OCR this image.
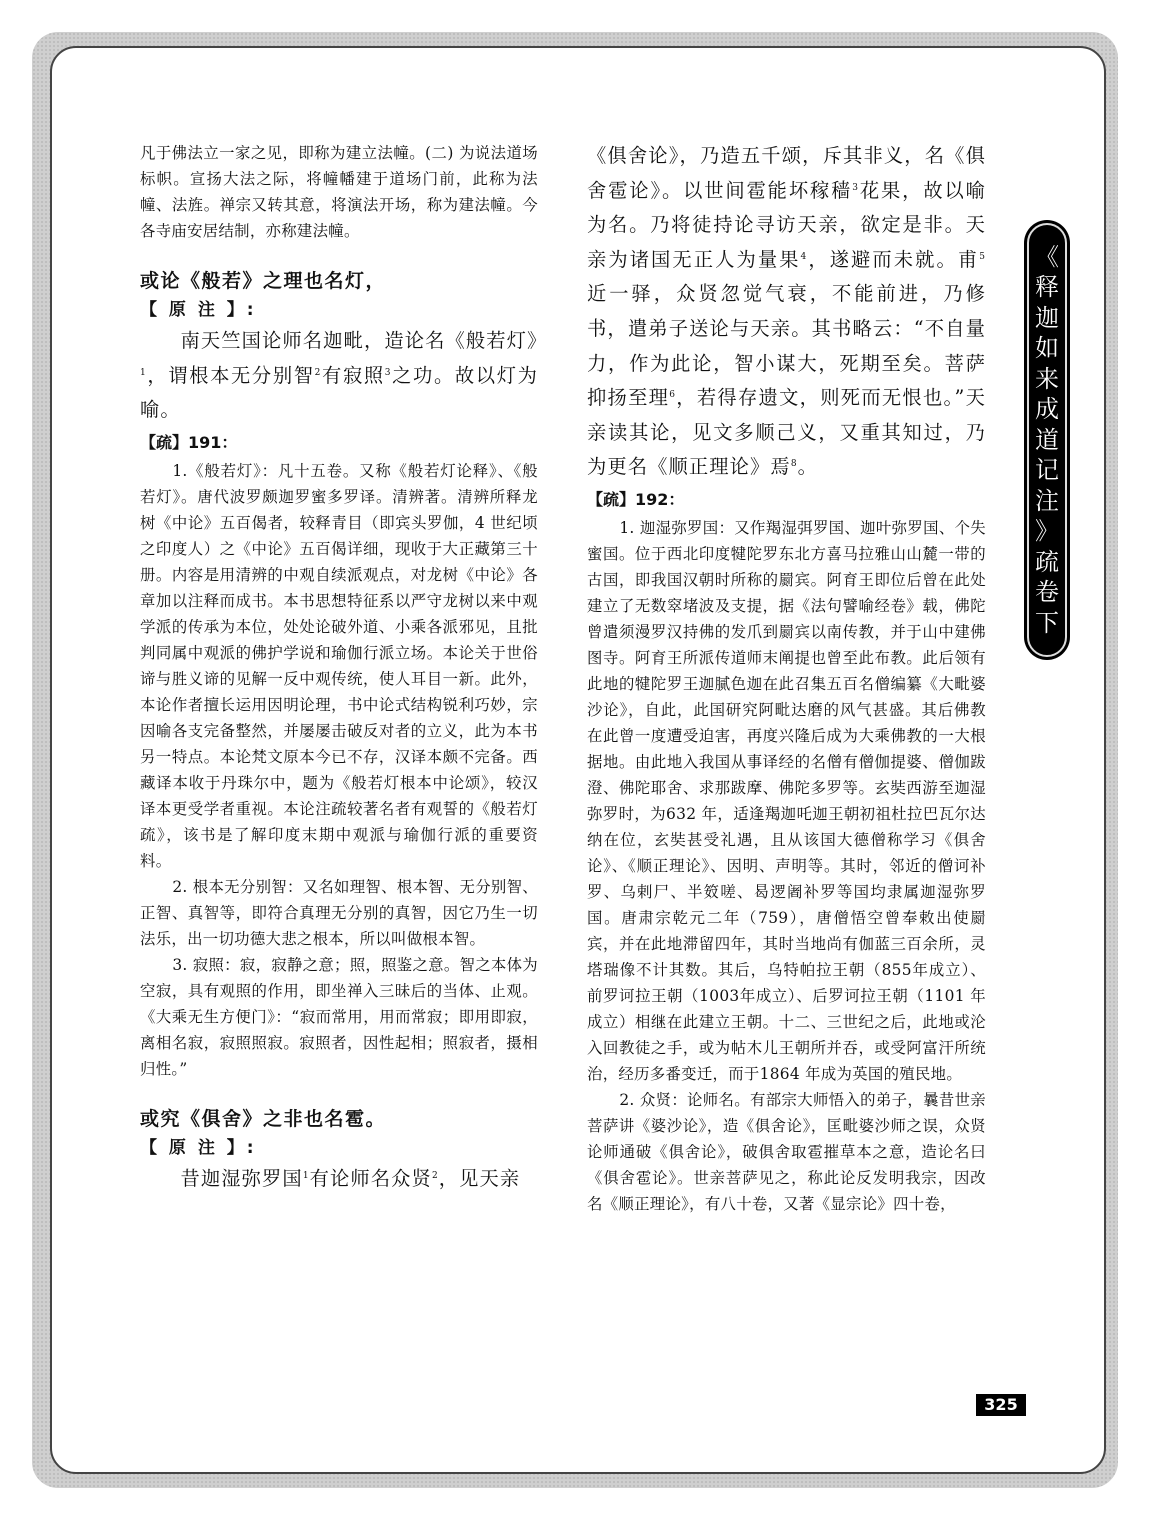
凡于佛法立一家之见，即称为建立法幢。(二) 为说法道场标帜。宣扬大法之际，将幢幡建于道场门前，此称为法幢、法旌。禅宗又转其意，将演法开场，称为建法幢。今各寺庙安居结制，亦称建法幢。

或论《般若》之理也名灯，
【 原 注 】:

南天竺国论师名迦毗，造论名《般若灯》$^1$，谓根本无分别智$^2$有寂照$^3$之功。故以灯为喻。

【疏】191：

1.《般若灯》：凡十五卷。又称《般若灯论释》、《般若灯》。唐代波罗颇迦罗蜜多罗译。清辨著。清辨所释龙树《中论》五百偈者，较释青目（即宾头罗伽，4 世纪顷之印度人）之《中论》五百偈详细，现收于大正藏第三十册。内容是用清辨的中观自续派观点，对龙树《中论》各章加以注释而成书。本书思想特征系以严守龙树以来中观学派的传承为本位，处处论破外道、小乘各派邪见，且批判同属中观派的佛护学说和瑜伽行派立场。本论关于世俗谛与胜义谛的见解一反中观传统，使人耳目一新。此外，本论作者擅长运用因明论理，书中论式结构锐利巧妙，宗因喻各支完备整然，并屡屡击破反对者的立义，此为本书另一特点。本论梵文原本今已不存，汉译本颇不完备。西藏译本收于丹珠尔中，题为《般若灯根本中论颂》，较汉译本更受学者重视。本论注疏较著名者有观誓的《般若灯疏》，该书是了解印度末期中观派与瑜伽行派的重要资料。

2. 根本无分别智：又名如理智、根本智、无分别智、正智、真智等，即符合真理无分别的真智，因它乃生一切法乐，出一切功德大悲之根本，所以叫做根本智。

3. 寂照：寂，寂静之意；照，照鉴之意。智之本体为空寂，具有观照的作用，即坐禅入三昧后的当体、止观。《大乘无生方便门》：“寂而常用，用而常寂；即用即寂，离相名寂，寂照照寂。寂照者，因性起相；照寂者，摄相归性。”

或究《俱舍》之非也名雹。
【 原 注 】:

昔迦湿弥罗国$^1$有论师名众贤$^2$，见天亲

《俱舍论》，乃造五千颂，斥其非义，名《俱舍雹论》。以世间雹能坏稼穑$^3$花果，故以喻为名。乃将徒持论寻访天亲，欲定是非。天亲为诸国无正人为量果$^4$，遂避而未就。甫$^5$近一驿，众贤忽觉气衰，不能前进，乃修书，遣弟子送论与天亲。其书略云：“不自量力，作为此论，智小谋大，死期至矣。菩萨抑扬至理$^6$，若得存遗文，则死而无恨也。”天亲读其论，见文多顺己义，又重其知过，乃为更名《顺正理论》焉$^8$。

【疏】192：

1. 迦湿弥罗国：又作羯湿弭罗国、迦叶弥罗国、个失蜜国。位于西北印度犍陀罗东北方喜马拉雅山山麓一带的古国，即我国汉朝时所称的罽宾。阿育王即位后曾在此处建立了无数窣堵波及支提，据《法句譬喻经卷》载，佛陀曾遣须漫罗汉持佛的发爪到罽宾以南传教，并于山中建佛图寺。阿育王所派传道师末阐提也曾至此布教。此后领有此地的犍陀罗王迦腻色迦在此召集五百名僧编纂《大毗婆沙论》，自此，此国研究阿毗达磨的风气甚盛。其后佛教在此曾一度遭受迫害，再度兴隆后成为大乘佛教的一大根据地。由此地入我国从事译经的名僧有僧伽提婆、僧伽跋澄、佛陀耶舍、求那跋摩、佛陀多罗等。玄奘西游至迦湿弥罗时，为632 年，适逢羯迦吒迦王朝初祖杜拉巴瓦尔达纳在位，玄奘甚受礼遇，且从该国大德僧称学习《俱舍论》、《顺正理论》、因明、声明等。其时，邻近的僧诃补罗、乌剌尸、半笯嗟、曷逻阇补罗等国均隶属迦湿弥罗国。唐肃宗乾元二年（759），唐僧悟空曾奉敕出使罽宾，并在此地滞留四年，其时当地尚有伽蓝三百余所，灵塔瑞像不计其数。其后，乌特帕拉王朝（855年成立）、前罗诃拉王朝（1003年成立）、后罗诃拉王朝（1101 年成立）相继在此建立王朝。十二、三世纪之后，此地或沦入回教徒之手，或为帖木儿王朝所并吞，或受阿富汗所统治，经历多番变迁，而于1864 年成为英国的殖民地。

2. 众贤：论师名。有部宗大师悟入的弟子，曩昔世亲菩萨讲《婆沙论》，造《俱舍论》，匡毗婆沙师之误，众贤论师通破《俱舍论》，破俱舍取雹摧草本之意，造论名曰《俱舍雹论》。世亲菩萨见之，称此论反发明我宗，因改名《顺正理论》，有八十卷，又著《显宗论》四十卷，

《
释
迦
如
来
成
道
记
注
》
疏
卷
下
325
